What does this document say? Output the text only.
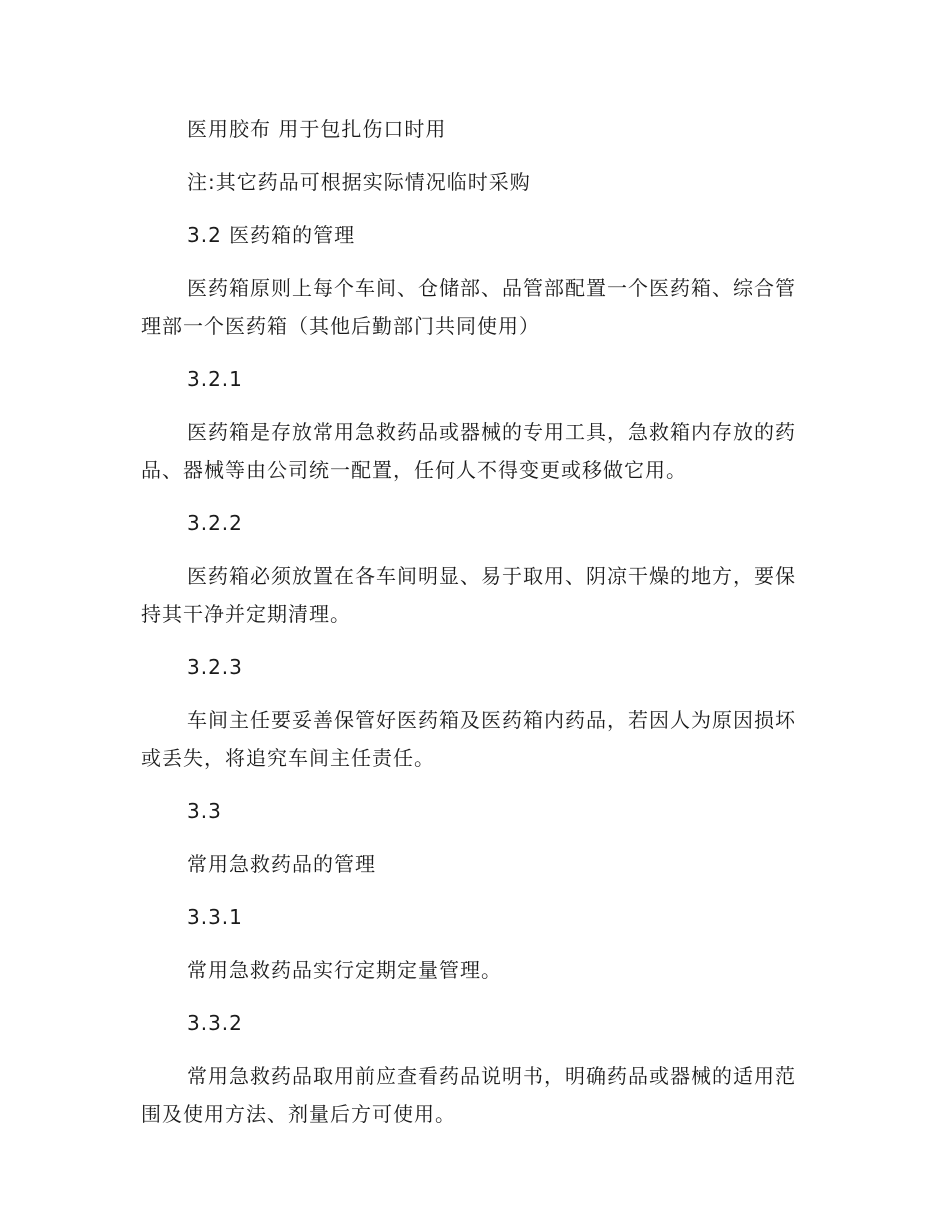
医用胶布 用于包扎伤口时用

注:其它药品可根据实际情况临时采购

3.2 医药箱的管理

医药箱原则上每个车间、仓储部、品管部配置一个医药箱、综合管理部一个医药箱（其他后勤部门共同使用）

3.2.1

医药箱是存放常用急救药品或器械的专用工具，急救箱内存放的药品、器械等由公司统一配置，任何人不得变更或移做它用。

3.2.2

医药箱必须放置在各车间明显、易于取用、阴凉干燥的地方，要保持其干净并定期清理。

3.2.3

车间主任要妥善保管好医药箱及医药箱内药品，若因人为原因损坏或丢失，将追究车间主任责任。

3.3

常用急救药品的管理

3.3.1

常用急救药品实行定期定量管理。

3.3.2

常用急救药品取用前应查看药品说明书，明确药品或器械的适用范围及使用方法、剂量后方可使用。
